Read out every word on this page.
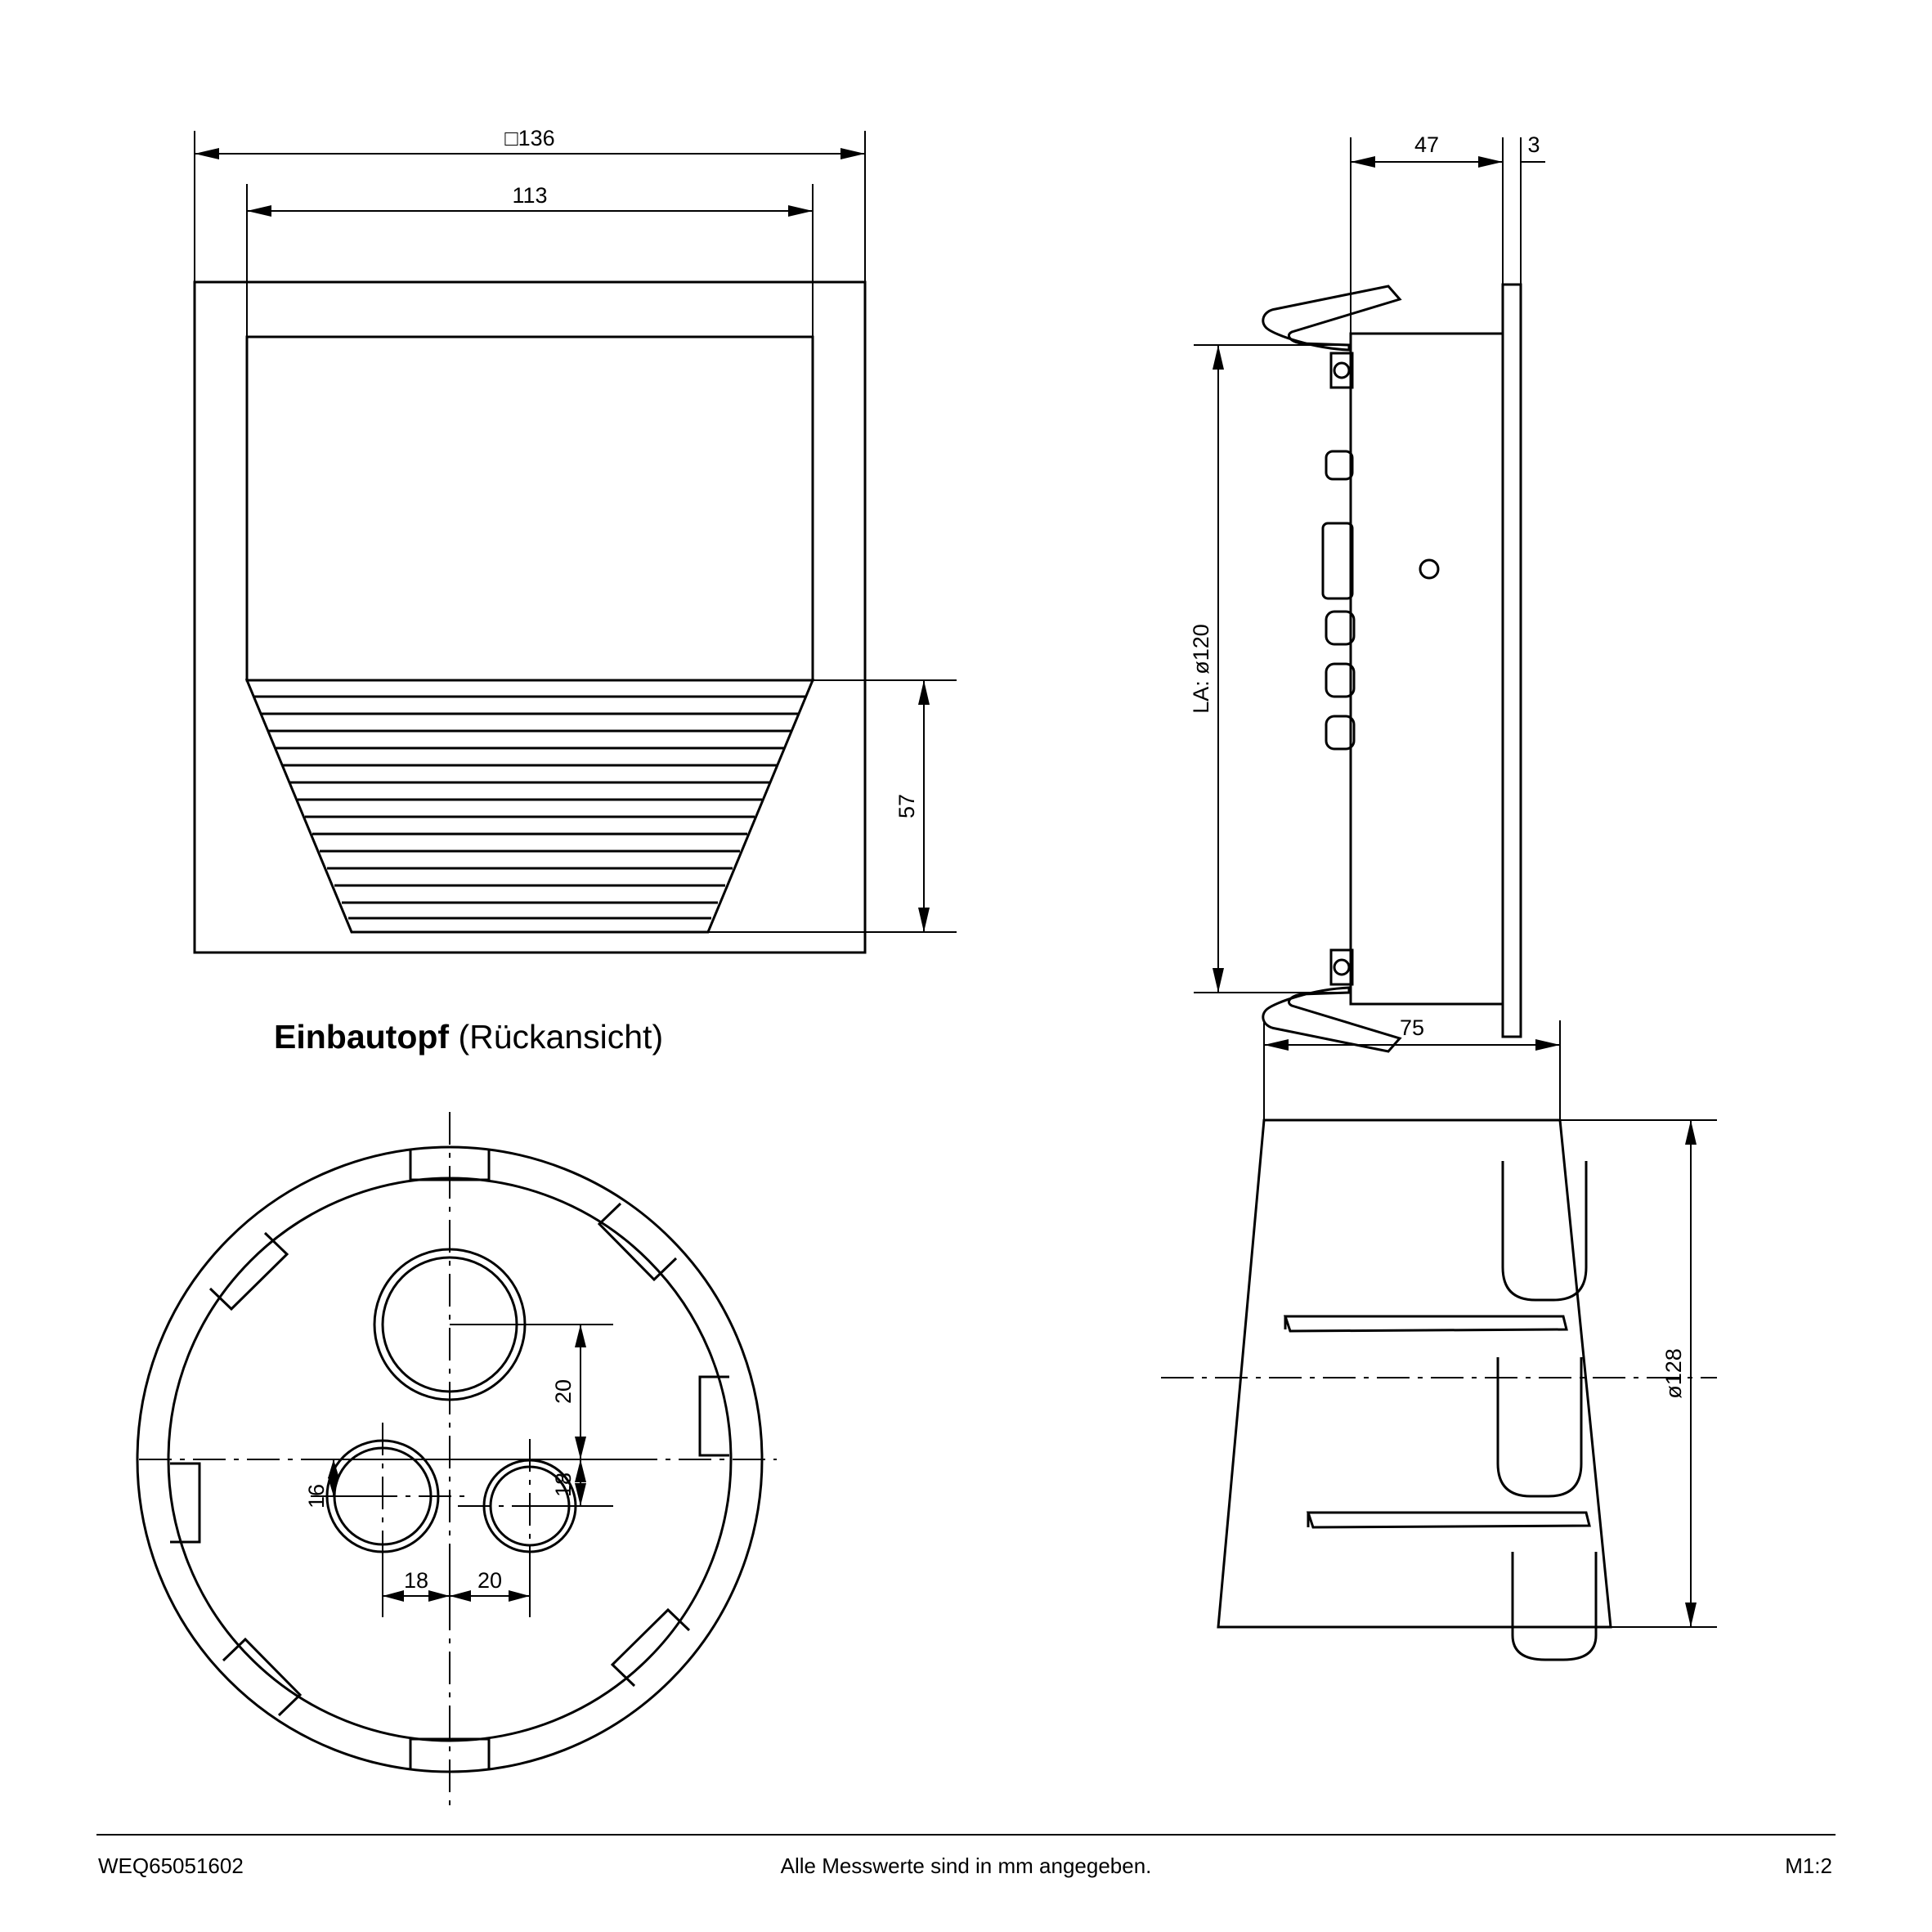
□136
113
57
47	3
LA: ø120
Einbautopf (Rückansicht)
20
18
16
18 20
75
ø128
WEQ65051602	Alle Messwerte sind in mm angegeben.	M1:2
